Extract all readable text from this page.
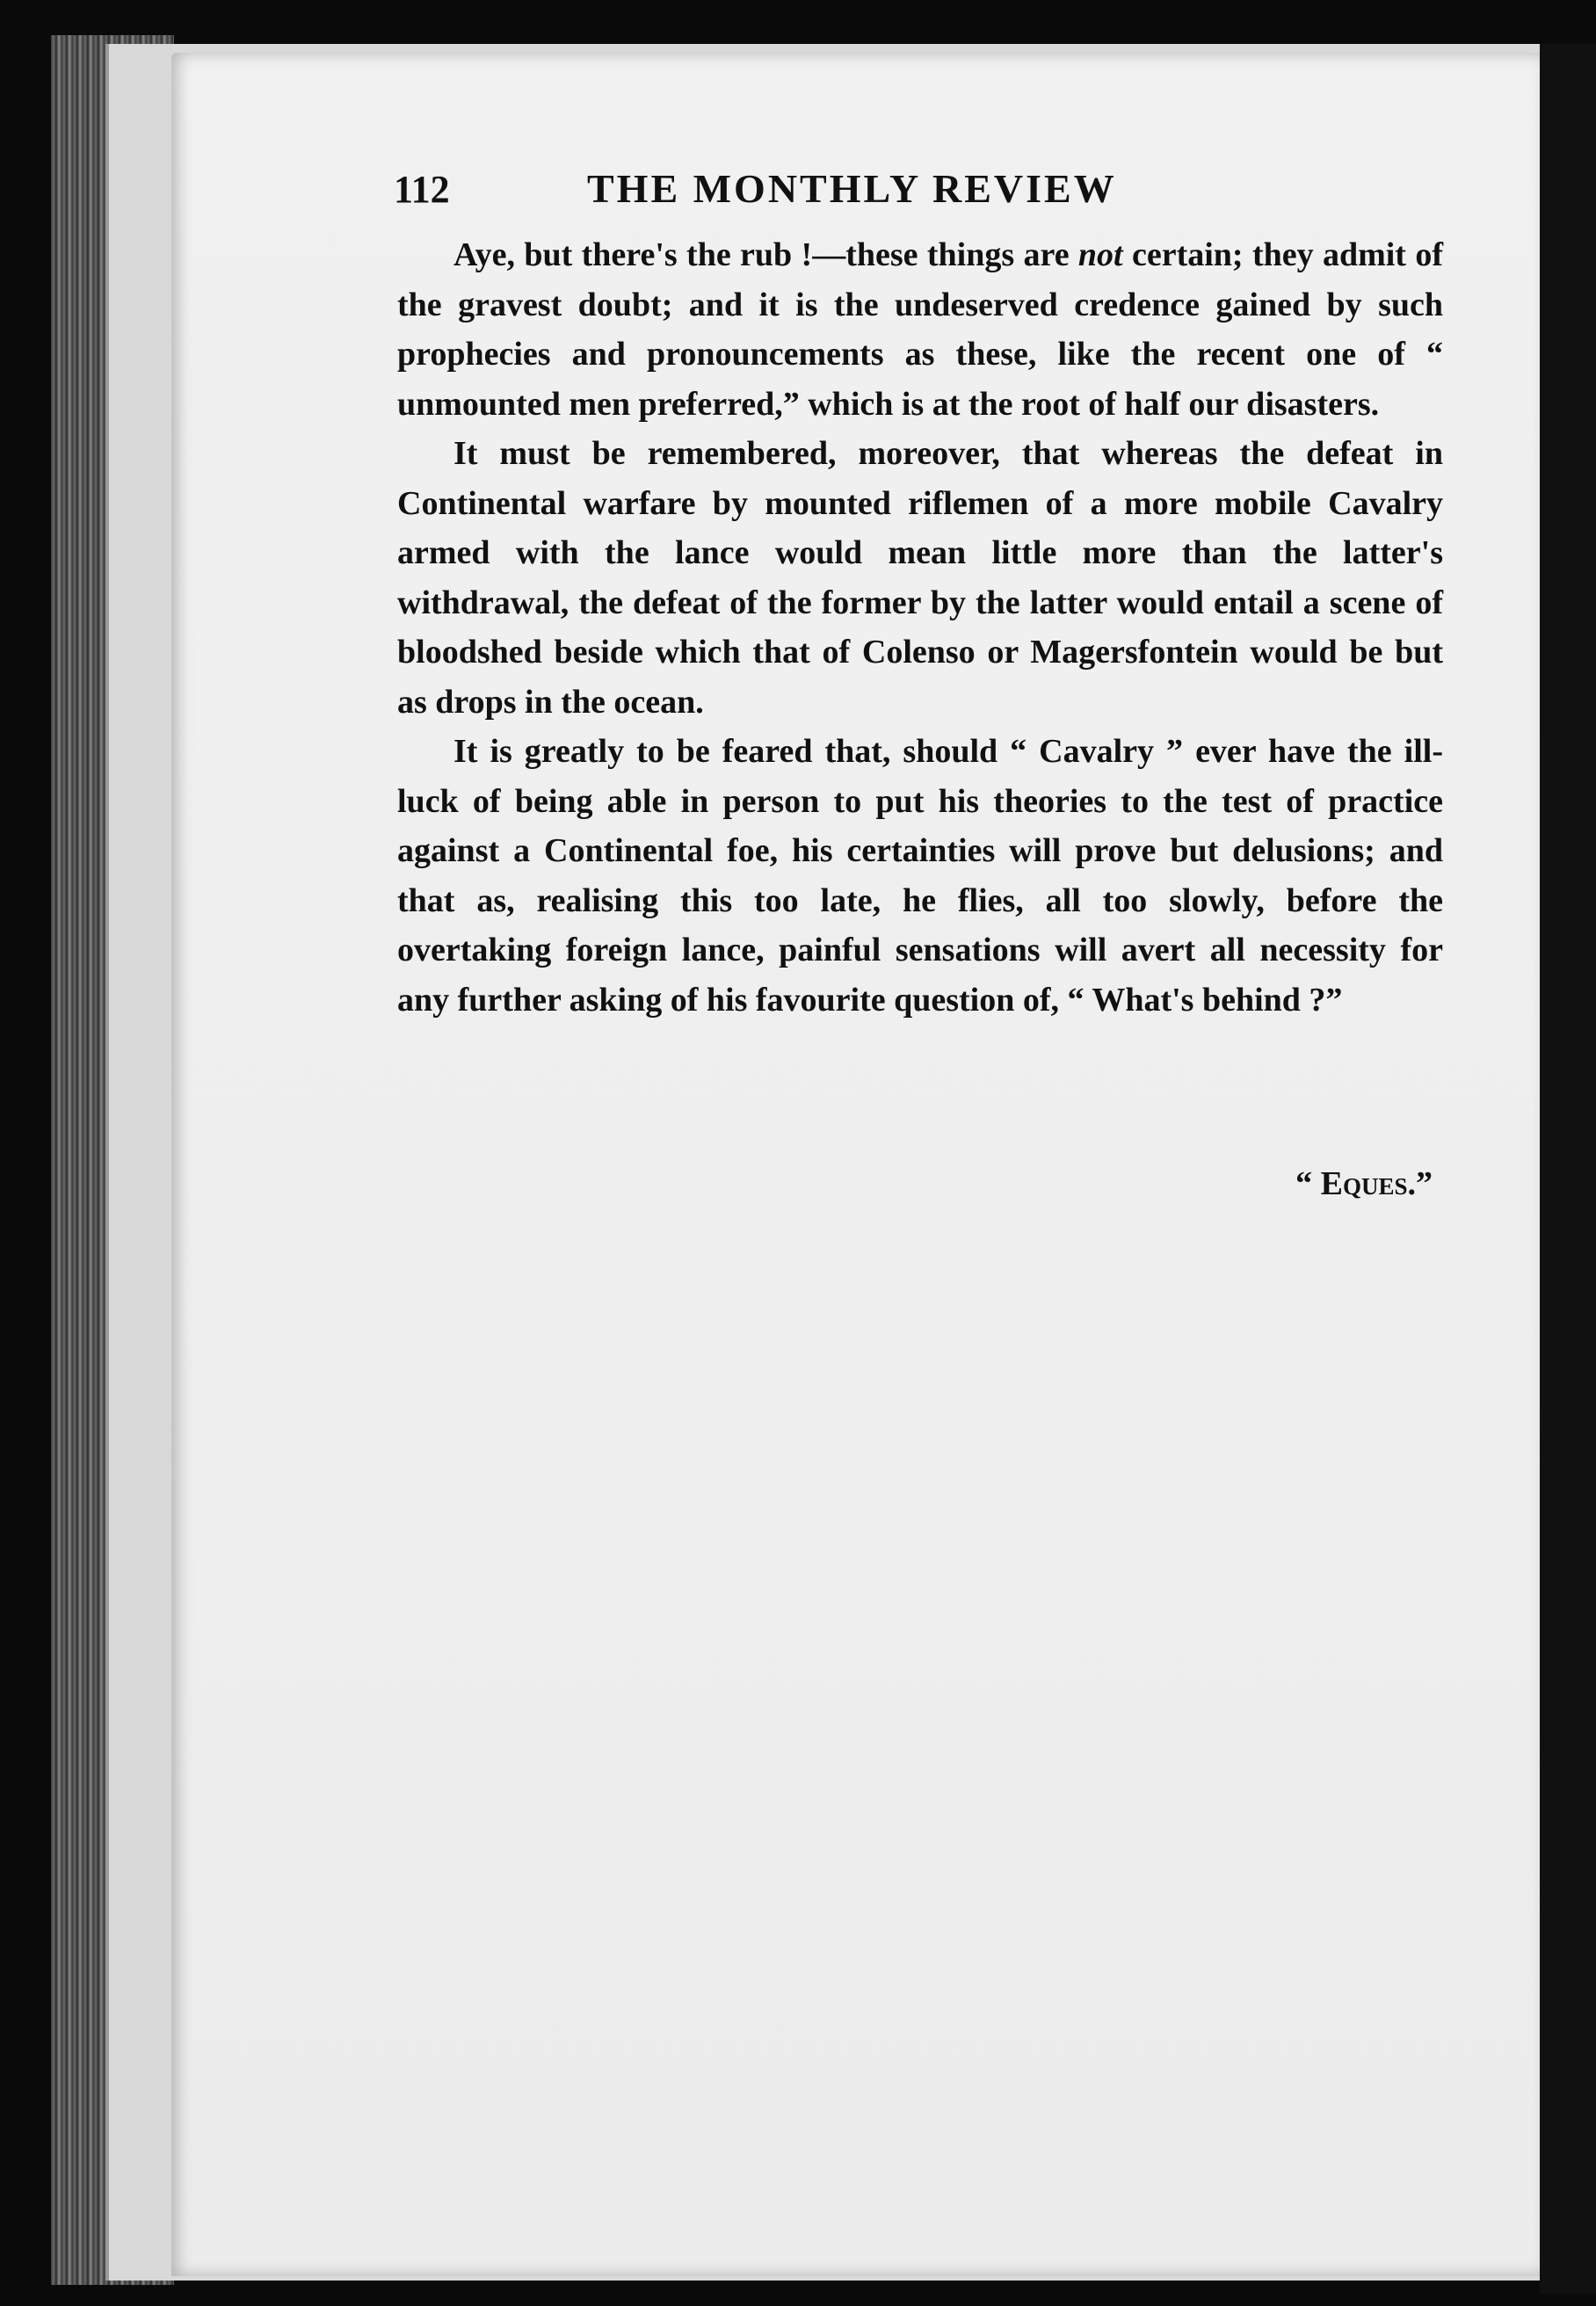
112	THE MONTHLY REVIEW

Aye, but there's the rub !—these things are not certain; they admit of the gravest doubt; and it is the undeserved credence gained by such prophecies and pronouncements as these, like the recent one of “ unmounted men preferred,” which is at the root of half our disasters.

It must be remembered, moreover, that whereas the defeat in Continental warfare by mounted riflemen of a more mobile Cavalry armed with the lance would mean little more than the latter's withdrawal, the defeat of the former by the latter would entail a scene of bloodshed beside which that of Colenso or Magersfontein would be but as drops in the ocean.

It is greatly to be feared that, should “ Cavalry ” ever have the ill-luck of being able in person to put his theories to the test of practice against a Continental foe, his certainties will prove but delusions; and that as, realising this too late, he flies, all too slowly, before the overtaking foreign lance, painful sensations will avert all necessity for any further asking of his favourite question of, “ What's behind ?”

“ Eques.”
